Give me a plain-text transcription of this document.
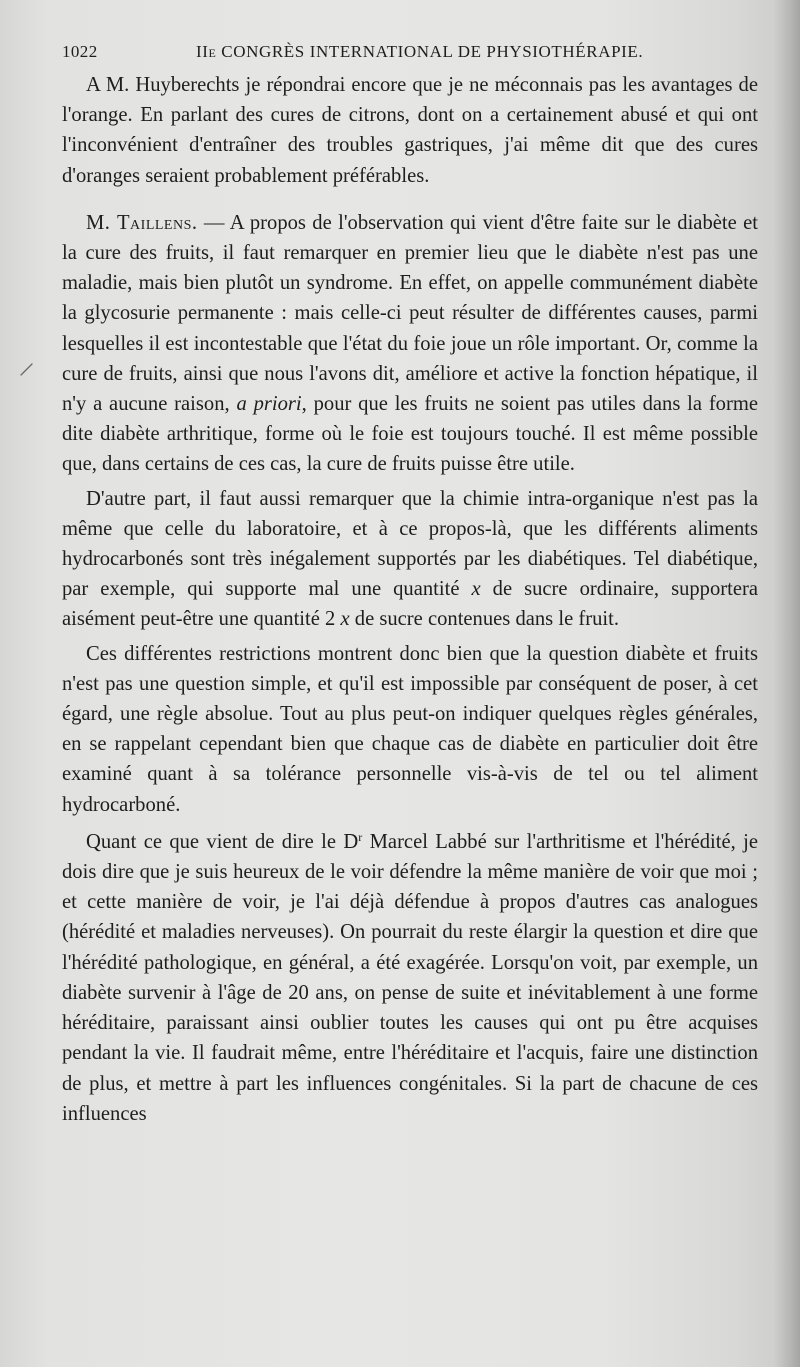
1022	IIe CONGRÈS INTERNATIONAL DE PHYSIOTHÉRAPIE.

A M. Huyberechts je répondrai encore que je ne méconnais pas les avantages de l'orange. En parlant des cures de citrons, dont on a certainement abusé et qui ont l'inconvénient d'entraîner des troubles gastriques, j'ai même dit que des cures d'oranges seraient probablement préférables.

M. Taillens. — A propos de l'observation qui vient d'être faite sur le diabète et la cure des fruits, il faut remarquer en premier lieu que le diabète n'est pas une maladie, mais bien plutôt un syndrome. En effet, on appelle communément diabète la glycosurie permanente : mais celle-ci peut résulter de différentes causes, parmi lesquelles il est incontestable que l'état du foie joue un rôle important. Or, comme la cure de fruits, ainsi que nous l'avons dit, améliore et active la fonction hépatique, il n'y a aucune raison, a priori, pour que les fruits ne soient pas utiles dans la forme dite diabète arthritique, forme où le foie est toujours touché. Il est même possible que, dans certains de ces cas, la cure de fruits puisse être utile.

D'autre part, il faut aussi remarquer que la chimie intra-organique n'est pas la même que celle du laboratoire, et à ce propos-là, que les différents aliments hydrocarbonés sont très inégalement supportés par les diabétiques. Tel diabétique, par exemple, qui supporte mal une quantité x de sucre ordinaire, supportera aisément peut-être une quantité 2 x de sucre contenues dans le fruit.

Ces différentes restrictions montrent donc bien que la question diabète et fruits n'est pas une question simple, et qu'il est impossible par conséquent de poser, à cet égard, une règle absolue. Tout au plus peut-on indiquer quelques règles générales, en se rappelant cependant bien que chaque cas de diabète en particulier doit être examiné quant à sa tolérance personnelle vis-à-vis de tel ou tel aliment hydrocarboné.

Quant ce que vient de dire le $D^r$ Marcel Labbé sur l'arthritisme et l'hérédité, je dois dire que je suis heureux de le voir défendre la même manière de voir que moi ; et cette manière de voir, je l'ai déjà défendue à propos d'autres cas analogues (hérédité et maladies nerveuses). On pourrait du reste élargir la question et dire que l'hérédité pathologique, en général, a été exagérée. Lorsqu'on voit, par exemple, un diabète survenir à l'âge de 20 ans, on pense de suite et inévitablement à une forme héréditaire, paraissant ainsi oublier toutes les causes qui ont pu être acquises pendant la vie. Il faudrait même, entre l'héréditaire et l'acquis, faire une distinction de plus, et mettre à part les influences congénitales. Si la part de chacune de ces influences
